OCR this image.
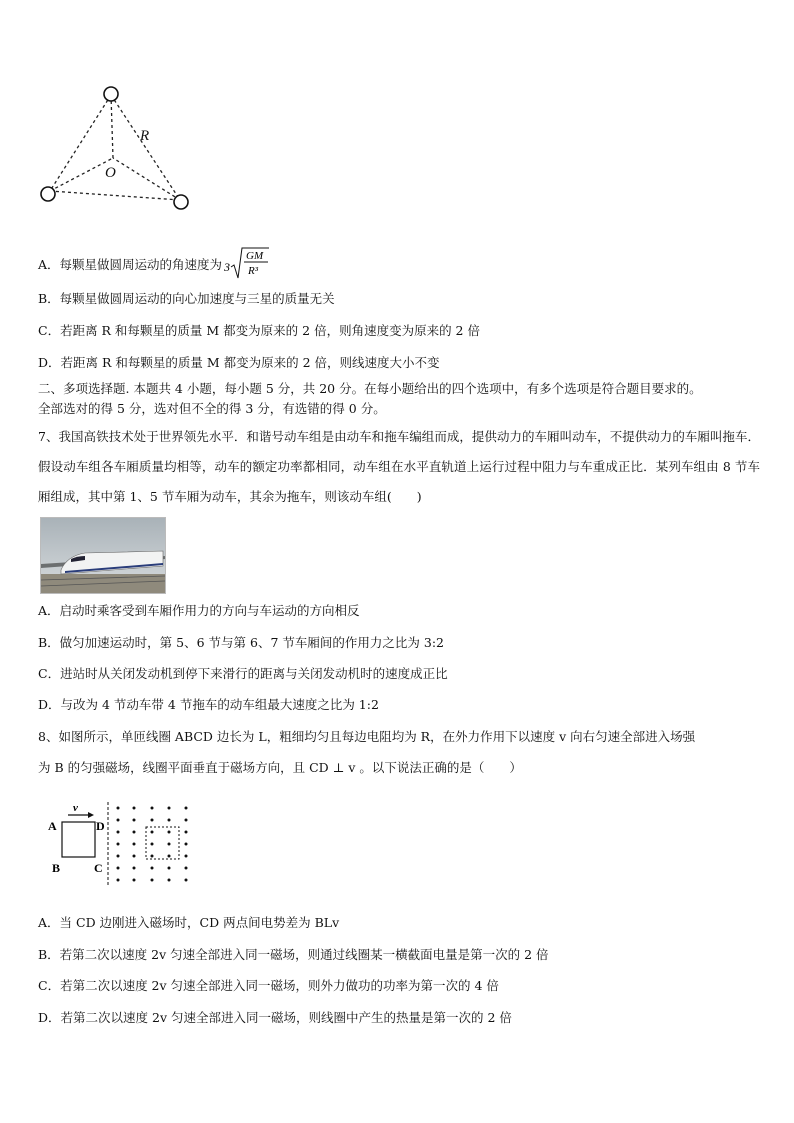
R
O
A．每颗星做圆周运动的角速度为 3
GM
R³
B．每颗星做圆周运动的向心加速度与三星的质量无关
C．若距离 R 和每颗星的质量 M 都变为原来的 2 倍，则角速度变为原来的 2 倍
D．若距离 R 和每颗星的质量 M 都变为原来的 2 倍，则线速度大小不变
二、多项选择题. 本题共 4 小题，每小题 5 分，共 20 分。在每小题给出的四个选项中，有多个选项是符合题目要求的。
全部选对的得 5 分，选对但不全的得 3 分，有选错的得 0 分。
7、我国高铁技术处于世界领先水平．和谐号动车组是由动车和拖车编组而成，提供动力的车厢叫动车，不提供动力的车厢叫拖车．假设动车组各车厢质量均相等，动车的额定功率都相同，动车组在水平直轨道上运行过程中阻力与车重成正比．某列车组由 8 节车厢组成，其中第 1、5 节车厢为动车，其余为拖车，则该动车组(　　)
A．启动时乘客受到车厢作用力的方向与车运动的方向相反
B．做匀加速运动时，第 5、6 节与第 6、7 节车厢间的作用力之比为 3:2
C．进站时从关闭发动机到停下来滑行的距离与关闭发动机时的速度成正比
D．与改为 4 节动车带 4 节拖车的动车组最大速度之比为 1:2
8、如图所示，单匝线圈 ABCD 边长为 L，粗细均匀且每边电阻均为 R，在外力作用下以速度 v 向右匀速全部进入场强
为 B 的匀强磁场，线圈平面垂直于磁场方向，且 CD ⊥ v 。以下说法正确的是（　　）
v
A	D
B	C
A．当 CD 边刚进入磁场时，CD 两点间电势差为 BLv
B．若第二次以速度 2v 匀速全部进入同一磁场，则通过线圈某一横截面电量是第一次的 2 倍
C．若第二次以速度 2v 匀速全部进入同一磁场，则外力做功的功率为第一次的 4 倍
D．若第二次以速度 2v 匀速全部进入同一磁场，则线圈中产生的热量是第一次的 2 倍
